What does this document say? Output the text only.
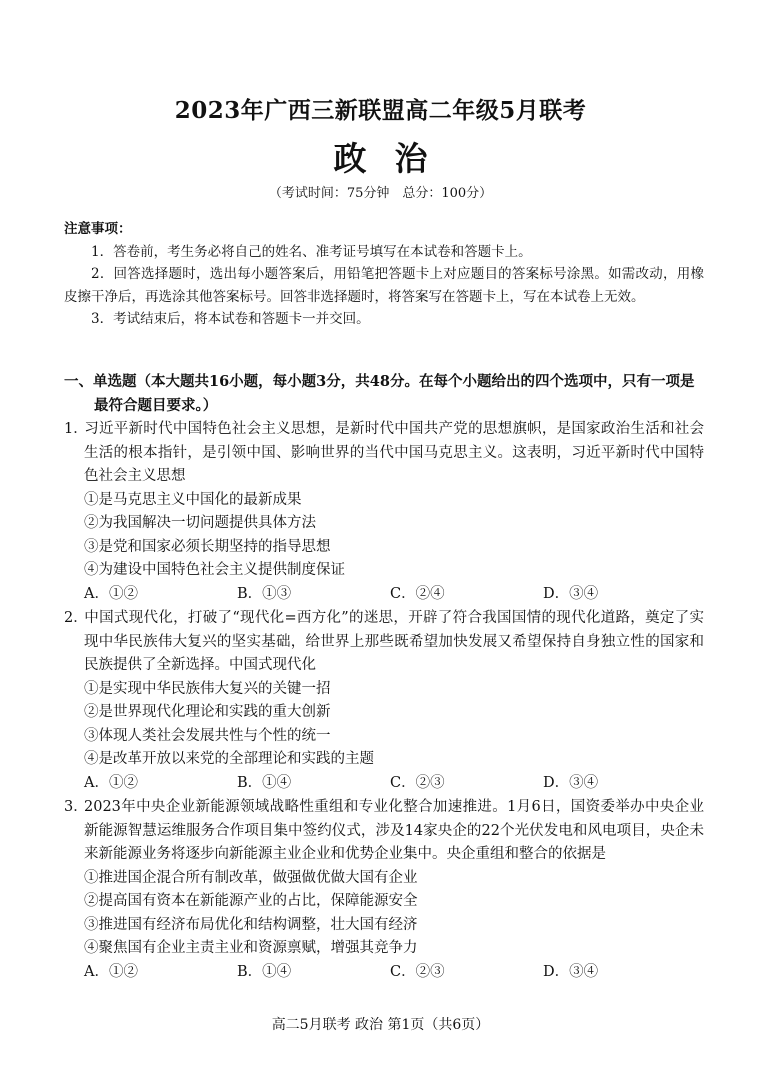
2023年广西三新联盟高二年级5月联考
政治
（考试时间：75分钟　总分：100分）
注意事项：
1．答卷前，考生务必将自己的姓名、准考证号填写在本试卷和答题卡上。
2．回答选择题时，选出每小题答案后，用铅笔把答题卡上对应题目的答案标号涂黑。如需改动，用橡皮擦干净后，再选涂其他答案标号。回答非选择题时，将答案写在答题卡上，写在本试卷上无效。
3．考试结束后，将本试卷和答题卡一并交回。
一、单选题（本大题共16小题，每小题3分，共48分。在每个小题给出的四个选项中，只有一项是最符合题目要求。）
1．习近平新时代中国特色社会主义思想，是新时代中国共产党的思想旗帜，是国家政治生活和社会生活的根本指针，是引领中国、影响世界的当代中国马克思主义。这表明，习近平新时代中国特色社会主义思想
①是马克思主义中国化的最新成果
②为我国解决一切问题提供具体方法
③是党和国家必须长期坚持的指导思想
④为建设中国特色社会主义提供制度保证
A．①②	B．①③	C．②④	D．③④
2．中国式现代化，打破了“现代化=西方化”的迷思，开辟了符合我国国情的现代化道路，奠定了实现中华民族伟大复兴的坚实基础，给世界上那些既希望加快发展又希望保持自身独立性的国家和民族提供了全新选择。中国式现代化
①是实现中华民族伟大复兴的关键一招
②是世界现代化理论和实践的重大创新
③体现人类社会发展共性与个性的统一
④是改革开放以来党的全部理论和实践的主题
A．①②	B．①④	C．②③	D．③④
3．2023年中央企业新能源领域战略性重组和专业化整合加速推进。1月6日，国资委举办中央企业新能源智慧运维服务合作项目集中签约仪式，涉及14家央企的22个光伏发电和风电项目，央企未来新能源业务将逐步向新能源主业企业和优势企业集中。央企重组和整合的依据是
①推进国企混合所有制改革，做强做优做大国有企业
②提高国有资本在新能源产业的占比，保障能源安全
③推进国有经济布局优化和结构调整，壮大国有经济
④聚焦国有企业主责主业和资源禀赋，增强其竞争力
A．①②	B．①④	C．②③	D．③④
高二5月联考 政治 第1页（共6页）
